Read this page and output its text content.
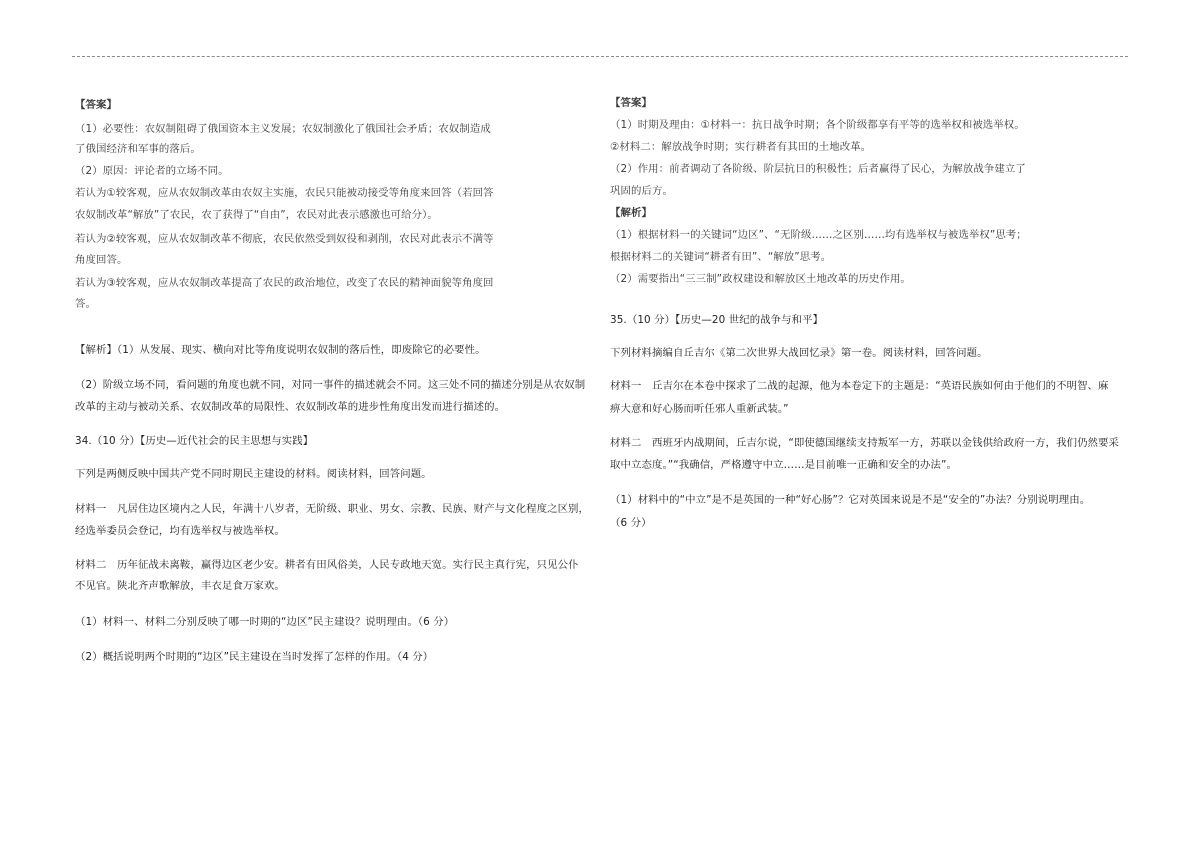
【答案】
（1）必要性：农奴制阻碍了俄国资本主义发展；农奴制激化了俄国社会矛盾；农奴制造成
了俄国经济和军事的落后。
（2）原因：评论者的立场不同。
若认为①较客观，应从农奴制改革由农奴主实施，农民只能被动接受等角度来回答（若回答
农奴制改革“解放”了农民，农了获得了“自由”，农民对此表示感激也可给分）。
若认为②较客观，应从农奴制改革不彻底，农民依然受到奴役和剥削，农民对此表示不满等
角度回答。
若认为③较客观，应从农奴制改革提高了农民的政治地位，改变了农民的精神面貌等角度回
答。
【解析】（1）从发展、现实、横向对比等角度说明农奴制的落后性，即废除它的必要性。
（2）阶级立场不同，看问题的角度也就不同，对同一事件的描述就会不同。这三处不同的描述分别是从农奴制
改革的主动与被动关系、农奴制改革的局限性、农奴制改革的进步性角度出发而进行描述的。
34.（10 分）【历史—近代社会的民主思想与实践】
下列是两侧反映中国共产党不同时期民主建设的材料。阅读材料，回答问题。
材料一　凡居住边区境内之人民，年满十八岁者，无阶级、职业、男女、宗教、民族、财产与文化程度之区别，
经选举委员会登记，均有选举权与被选举权。
材料二　历年征战未离鞍，赢得边区老少安。耕者有田风俗美，人民专政地天宽。实行民主真行宪，只见公仆
不见官。陕北齐声歌解放，丰衣足食万家欢。
（1）材料一、材料二分别反映了哪一时期的“边区”民主建设？说明理由。（6 分）
（2）概括说明两个时期的“边区”民主建设在当时发挥了怎样的作用。（4 分）
【答案】
（1）时期及理由：①材料一：抗日战争时期；各个阶级都享有平等的选举权和被选举权。
②材料二：解放战争时期；实行耕者有其田的土地改革。
（2）作用：前者调动了各阶级、阶层抗日的积极性；后者赢得了民心，为解放战争建立了
巩固的后方。
【解析】
（1）根据材料一的关键词“边区”、“无阶级……之区别……均有选举权与被选举权”思考；
根据材料二的关键词“耕者有田”、“解放”思考。
（2）需要指出“三三制”政权建设和解放区土地改革的历史作用。
35.（10 分）【历史—20 世纪的战争与和平】
下列材料摘编自丘吉尔《第二次世界大战回忆录》第一卷。阅读材料，回答问题。
材料一　丘吉尔在本卷中探求了二战的起源，他为本卷定下的主题是：“英语民族如何由于他们的不明智、麻
痹大意和好心肠而听任邪人重新武装。”
材料二　西班牙内战期间，丘吉尔说，“即使德国继续支持叛军一方，苏联以金钱供给政府一方，我们仍然要采
取中立态度。”“我确信，严格遵守中立……是目前唯一正确和安全的办法”。
（1）材料中的“中立”是不是英国的一种“好心肠”？它对英国来说是不是“安全的”办法？分别说明理由。
（6 分）
